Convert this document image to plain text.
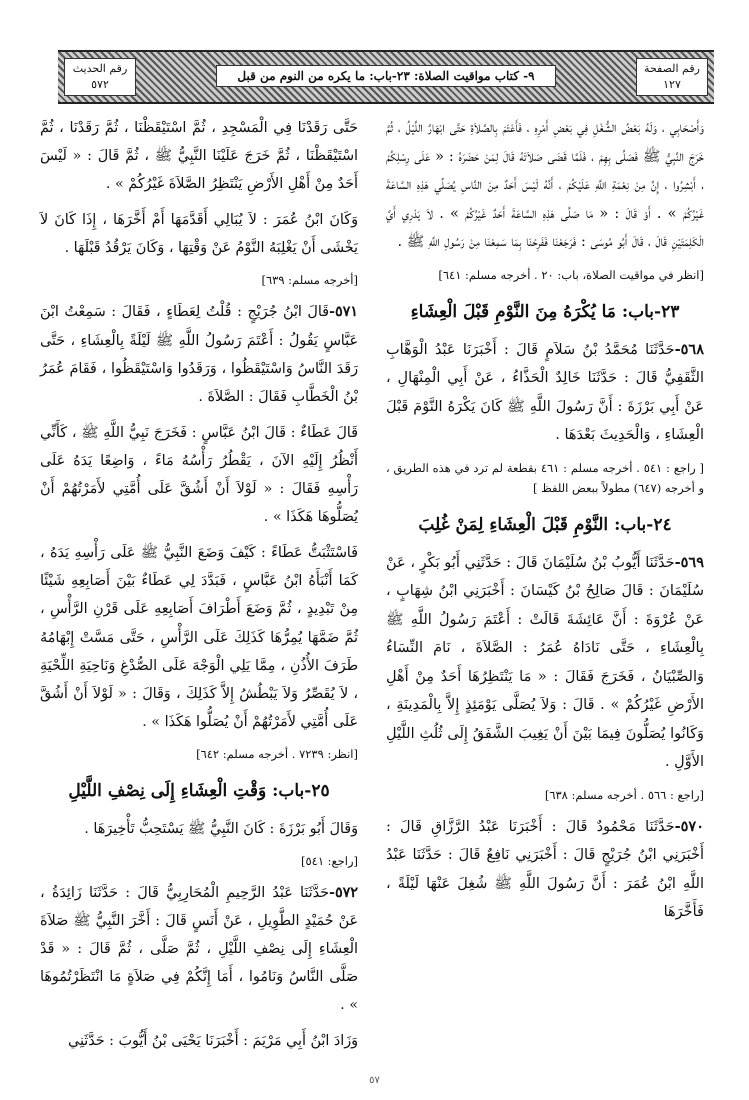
رقم الصفحة
١٢٧
٩- كتاب مواقيت الصلاة: ٢٣-باب: ما يكره من النوم من قبل
رقم الحديث
٥٧٢

وَأَصْحَابِي ، وَلَهُ بَعْضُ الشُّغْلِ فِي بَعْضِ أَمْرِهِ ، فَأَعْتَمَ بِالصَّلاَةِ حَتَّى ابْهَارَّ اللَّيْلُ ، ثُمَّ خَرَجَ النَّبِيُّ ﷺ فَصَلَّى بِهِمْ ، فَلَمَّا قَضَى صَلاَتَهُ قَالَ لِمَنْ حَضَرَهُ : « عَلَى رِسْلِكُمْ ، أَبْشِرُوا ، إِنَّ مِنْ نِعْمَةِ اللَّهِ عَلَيْكُمْ ، أَنَّهُ لَيْسَ أَحَدٌ مِنَ النَّاسِ يُصَلِّي هَذِهِ السَّاعَةَ غَيْرُكُمْ » . أَوْ قَالَ : « مَا صَلَّى هَذِهِ السَّاعَةَ أَحَدٌ غَيْرُكُمْ » . لاَ يَدْرِي أَيَّ الْكَلِمَتَيْنِ قَالَ ، قَالَ أَبُو مُوسَى : فَرَجَعْنَا فَفَرِحْنَا بِمَا سَمِعْنَا مِنْ رَسُولِ اللَّهِ ﷺ .

[انظر في مواقيت الصلاة، باب: ٢٠ . أخرجه مسلم: ٦٤١]

٢٣-باب: مَا يُكْرَهُ مِنَ النَّوْمِ قَبْلَ الْعِشَاءِ

٥٦٨-حَدَّثَنَا مُحَمَّدُ بْنُ سَلاَمٍ قَالَ : أَخْبَرَنَا عَبْدُ الْوَهَّابِ الثَّقَفِيُّ قَالَ : حَدَّثَنَا خَالِدٌ الْحَذَّاءُ ، عَنْ أَبِي الْمِنْهَالِ ، عَنْ أَبِي بَرْزَةَ : أَنَّ رَسُولَ اللَّهِ ﷺ كَانَ يَكْرَهُ النَّوْمَ قَبْلَ الْعِشَاءِ ، وَالْحَدِيثَ بَعْدَهَا .

[ راجع : ٥٤١ . أخرجه مسلم : ٤٦١ بقطعة لم ترد في هذه الطريق ، و أخرجه (٦٤٧) مطولاً ببعض اللفظ ]

٢٤-باب: النَّوْمِ قَبْلَ الْعِشَاءِ لِمَنْ غُلِبَ

٥٦٩-حَدَّثَنَا أَيُّوبُ بْنُ سُلَيْمَانَ قَالَ : حَدَّثَنِي أَبُو بَكْرٍ ، عَنْ سُلَيْمَانَ : قَالَ صَالِحُ بْنُ كَيْسَانَ : أَخْبَرَنِي ابْنُ شِهَابٍ ، عَنْ عُرْوَةَ : أَنَّ عَائِشَةَ قَالَتْ : أَعْتَمَ رَسُولُ اللَّهِ ﷺ بِالْعِشَاءِ ، حَتَّى نَادَاهُ عُمَرُ : الصَّلاَةَ ، نَامَ النِّسَاءُ وَالصِّبْيَانُ ، فَخَرَجَ فَقَالَ : « مَا يَنْتَظِرُهَا أَحَدٌ مِنْ أَهْلِ الأَرْضِ غَيْرُكُمْ » . قَالَ : وَلاَ يُصَلَّى يَوْمَئِذٍ إِلاَّ بِالْمَدِينَةِ ، وَكَانُوا يُصَلُّونَ فِيمَا بَيْنَ أَنْ يَغِيبَ الشَّفَقُ إِلَى ثُلُثِ اللَّيْلِ الأَوَّلِ .

[راجع : ٥٦٦ . أخرجه مسلم: ٦٣٨]

٥٧٠-حَدَّثَنَا مَحْمُودٌ قَالَ : أَخْبَرَنَا عَبْدُ الرَّزَّاقِ قَالَ : أَخْبَرَنِي ابْنُ جُرَيْجٍ قَالَ : أَخْبَرَنِي نَافِعٌ قَالَ : حَدَّثَنَا عَبْدُ اللَّهِ ابْنُ عُمَرَ : أَنَّ رَسُولَ اللَّهِ ﷺ شُغِلَ عَنْهَا لَيْلَةً ، فَأَخَّرَهَا

حَتَّى رَقَدْنَا فِي الْمَسْجِدِ ، ثُمَّ اسْتَيْقَظْنَا ، ثُمَّ رَقَدْنَا ، ثُمَّ اسْتَيْقَظْنَا ، ثُمَّ خَرَجَ عَلَيْنَا النَّبِيُّ ﷺ ، ثُمَّ قَالَ : « لَيْسَ أَحَدٌ مِنْ أَهْلِ الأَرْضِ يَنْتَظِرُ الصَّلاَةَ غَيْرُكُمْ » .

وَكَانَ ابْنُ عُمَرَ : لاَ يُبَالِي أَقَدَّمَهَا أَمْ أَخَّرَهَا ، إِذَا كَانَ لاَ يَخْشَى أَنْ يَغْلِبَهُ النَّوْمُ عَنْ وَقْتِهَا ، وَكَانَ يَرْقُدُ قَبْلَهَا .

[أخرجه مسلم: ٦٣٩]

٥٧١-قَالَ ابْنُ جُرَيْجٍ : قُلْتُ لِعَطَاءٍ ، فَقَالَ : سَمِعْتُ ابْنَ عَبَّاسٍ يَقُولُ : أَعْتَمَ رَسُولُ اللَّهِ ﷺ لَيْلَةً بِالْعِشَاءِ ، حَتَّى رَقَدَ النَّاسُ وَاسْتَيْقَظُوا ، وَرَقَدُوا وَاسْتَيْقَظُوا ، فَقَامَ عُمَرُ بْنُ الْخَطَّابِ فَقَالَ : الصَّلاَةَ .

قَالَ عَطَاءٌ : قَالَ ابْنُ عَبَّاسٍ : فَخَرَجَ نَبِيُّ اللَّهِ ﷺ ، كَأَنِّي أَنْظُرُ إِلَيْهِ الآنَ ، يَقْطُرُ رَأْسُهُ مَاءً ، وَاضِعًا يَدَهُ عَلَى رَأْسِهِ فَقَالَ : « لَوْلاَ أَنْ أَشُقَّ عَلَى أُمَّتِي لأَمَرْتُهُمْ أَنْ يُصَلُّوهَا هَكَذَا » .

فَاسْتَثْبَتُّ عَطَاءً : كَيْفَ وَضَعَ النَّبِيُّ ﷺ عَلَى رَأْسِهِ يَدَهُ ، كَمَا أَنْبَأَهُ ابْنُ عَبَّاسٍ ، فَبَدَّدَ لِي عَطَاءٌ بَيْنَ أَصَابِعِهِ شَيْئًا مِنْ تَبْدِيدٍ ، ثُمَّ وَضَعَ أَطْرَافَ أَصَابِعِهِ عَلَى قَرْنِ الرَّأْسِ ، ثُمَّ ضَمَّهَا يُمِرُّهَا كَذَلِكَ عَلَى الرَّأْسِ ، حَتَّى مَسَّتْ إِبْهَامُهُ طَرَفَ الأُذُنِ ، مِمَّا يَلِي الْوَجْهَ عَلَى الصُّدْغِ وَنَاحِيَةِ اللِّحْيَةِ ، لاَ يُقَصِّرُ وَلاَ يَبْطُشُ إِلاَّ كَذَلِكَ ، وَقَالَ : « لَوْلاَ أَنْ أَشُقَّ عَلَى أُمَّتِي لأَمَرْتُهُمْ أَنْ يُصَلُّوا هَكَذَا » .

[انظر: ٧٢٣٩ . أخرجه مسلم: ٦٤٢]

٢٥-باب: وَقْتِ الْعِشَاءِ إِلَى نِصْفِ اللَّيْلِ

وَقَالَ أَبُو بَرْزَةَ : كَانَ النَّبِيُّ ﷺ يَسْتَحِبُّ تَأْخِيرَهَا .

[راجع: ٥٤١]

٥٧٢-حَدَّثَنَا عَبْدُ الرَّحِيمِ الْمُحَارِبِيُّ قَالَ : حَدَّثَنَا زَائِدَةُ ، عَنْ حُمَيْدٍ الطَّوِيلِ ، عَنْ أَنَسٍ قَالَ : أَخَّرَ النَّبِيُّ ﷺ صَلاَةَ الْعِشَاءِ إِلَى نِصْفِ اللَّيْلِ ، ثُمَّ صَلَّى ، ثُمَّ قَالَ : « قَدْ صَلَّى النَّاسُ وَنَامُوا ، أَمَا إِنَّكُمْ فِي صَلاَةٍ مَا انْتَظَرْتُمُوهَا » .

وَزَادَ ابْنُ أَبِي مَرْيَمَ : أَخْبَرَنَا يَحْيَى بْنُ أَيُّوبَ : حَدَّثَنِي

٥٧
